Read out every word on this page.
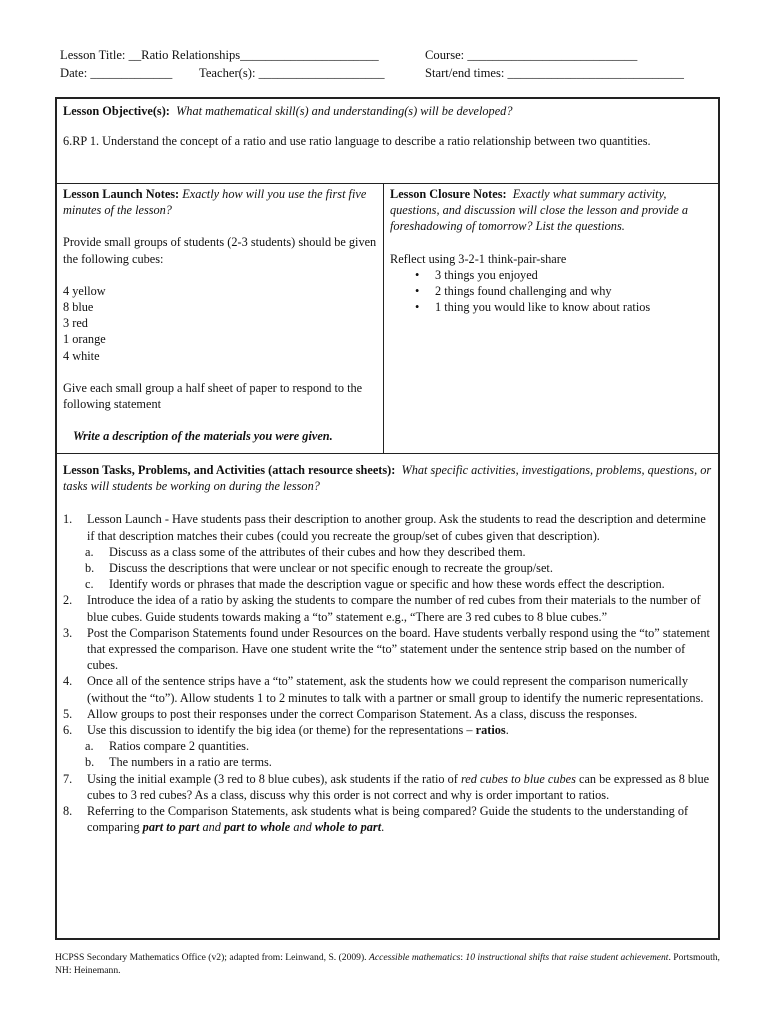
Lesson Title: __Ratio Relationships______________________	Course: ___________________________
Date: _____________ Teacher(s): ____________________	Start/end times: ____________________________

Lesson Objective(s): What mathematical skill(s) and understanding(s) will be developed?

6.RP 1. Understand the concept of a ratio and use ratio language to describe a ratio relationship between two quantities.

Lesson Launch Notes: Exactly how will you use the first five minutes of the lesson?

Provide small groups of students (2-3 students) should be given the following cubes:

4 yellow

8 blue

3 red

1 orange

4 white

Give each small group a half sheet of paper to respond to the following statement

Write a description of the materials you were given.

Lesson Closure Notes: Exactly what summary activity, questions, and discussion will close the lesson and provide a foreshadowing of tomorrow? List the questions.

Reflect using 3-2-1 think-pair-share

• 3 things you enjoyed
• 2 things found challenging and why
• 1 thing you would like to know about ratios

Lesson Tasks, Problems, and Activities (attach resource sheets): What specific activities, investigations, problems, questions, or tasks will students be working on during the lesson?

1. Lesson Launch - Have students pass their description to another group. Ask the students to read the description and determine if that description matches their cubes (could you recreate the group/set of cubes given that description).
a. Discuss as a class some of the attributes of their cubes and how they described them.
b. Discuss the descriptions that were unclear or not specific enough to recreate the group/set.
c. Identify words or phrases that made the description vague or specific and how these words effect the description.
2. Introduce the idea of a ratio by asking the students to compare the number of red cubes from their materials to the number of blue cubes. Guide students towards making a “to” statement e.g., “There are 3 red cubes to 8 blue cubes.”
3. Post the Comparison Statements found under Resources on the board. Have students verbally respond using the “to” statement that expressed the comparison. Have one student write the “to” statement under the sentence strip based on the number of cubes.
4. Once all of the sentence strips have a “to” statement, ask the students how we could represent the comparison numerically (without the “to”). Allow students 1 to 2 minutes to talk with a partner or small group to identify the numeric representations.
5. Allow groups to post their responses under the correct Comparison Statement. As a class, discuss the responses.
6. Use this discussion to identify the big idea (or theme) for the representations – ratios.
a. Ratios compare 2 quantities.
b. The numbers in a ratio are terms.
7. Using the initial example (3 red to 8 blue cubes), ask students if the ratio of red cubes to blue cubes can be expressed as 8 blue cubes to 3 red cubes? As a class, discuss why this order is not correct and why is order important to ratios.
8. Referring to the Comparison Statements, ask students what is being compared? Guide the students to the understanding of comparing part to part and part to whole and whole to part.
HCPSS Secondary Mathematics Office (v2); adapted from: Leinwand, S. (2009). Accessible mathematics: 10 instructional shifts that raise student achievement. Portsmouth, NH: Heinemann.
